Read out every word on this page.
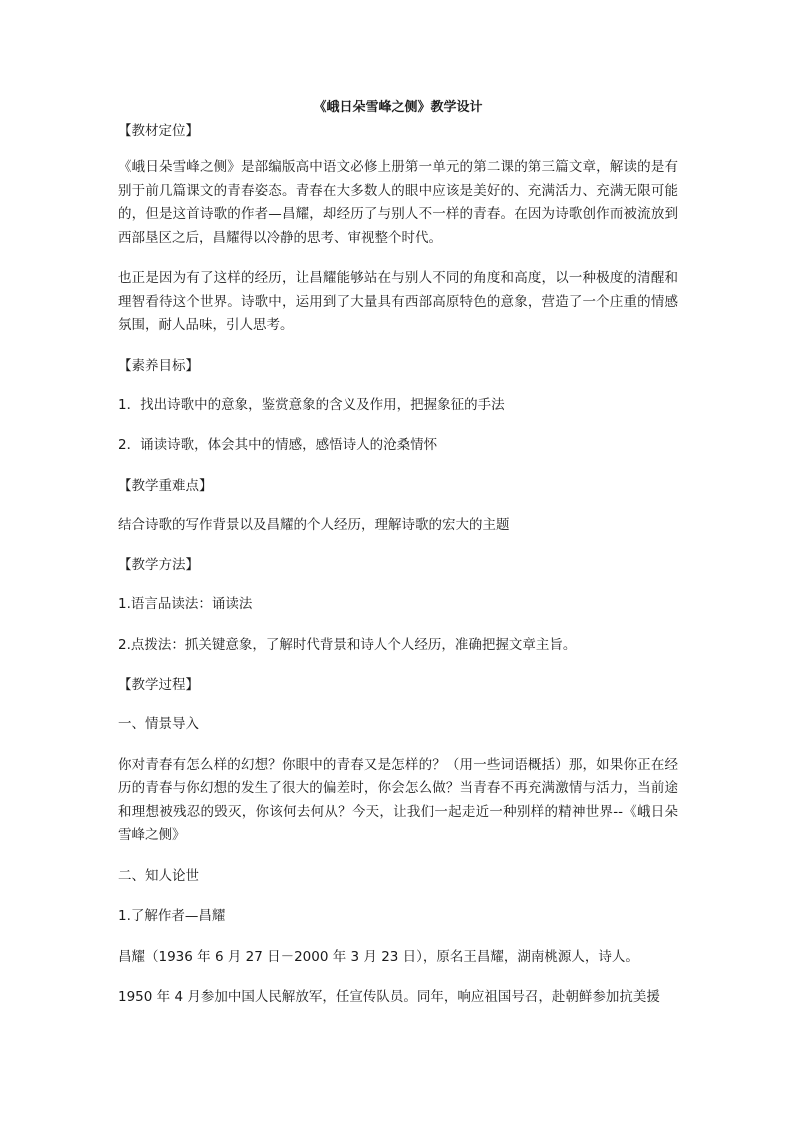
《峨日朵雪峰之侧》教学设计
【教材定位】

《峨日朵雪峰之侧》是部编版高中语文必修上册第一单元的第二课的第三篇文章，解读的是有别于前几篇课文的青春姿态。青春在大多数人的眼中应该是美好的、充满活力、充满无限可能的，但是这首诗歌的作者—昌耀，却经历了与别人不一样的青春。在因为诗歌创作而被流放到西部垦区之后，昌耀得以冷静的思考、审视整个时代。

也正是因为有了这样的经历，让昌耀能够站在与别人不同的角度和高度，以一种极度的清醒和理智看待这个世界。诗歌中，运用到了大量具有西部高原特色的意象，营造了一个庄重的情感氛围，耐人品味，引人思考。

【素养目标】

1．找出诗歌中的意象，鉴赏意象的含义及作用，把握象征的手法

2．诵读诗歌，体会其中的情感，感悟诗人的沧桑情怀

【教学重难点】

结合诗歌的写作背景以及昌耀的个人经历，理解诗歌的宏大的主题

【教学方法】

1.语言品读法：诵读法

2.点拨法：抓关键意象，了解时代背景和诗人个人经历，准确把握文章主旨。

【教学过程】

一、情景导入

你对青春有怎么样的幻想？你眼中的青春又是怎样的？（用一些词语概括）那，如果你正在经历的青春与你幻想的发生了很大的偏差时，你会怎么做？当青春不再充满激情与活力，当前途和理想被残忍的毁灭，你该何去何从？今天，让我们一起走近一种别样的精神世界--《峨日朵雪峰之侧》

二、知人论世

1.了解作者—昌耀

昌耀（1936 年 6 月 27 日－2000 年 3 月 23 日），原名王昌耀，湖南桃源人，诗人。

1950 年 4 月参加中国人民解放军，任宣传队员。同年，响应祖国号召，赴朝鲜参加抗美援
